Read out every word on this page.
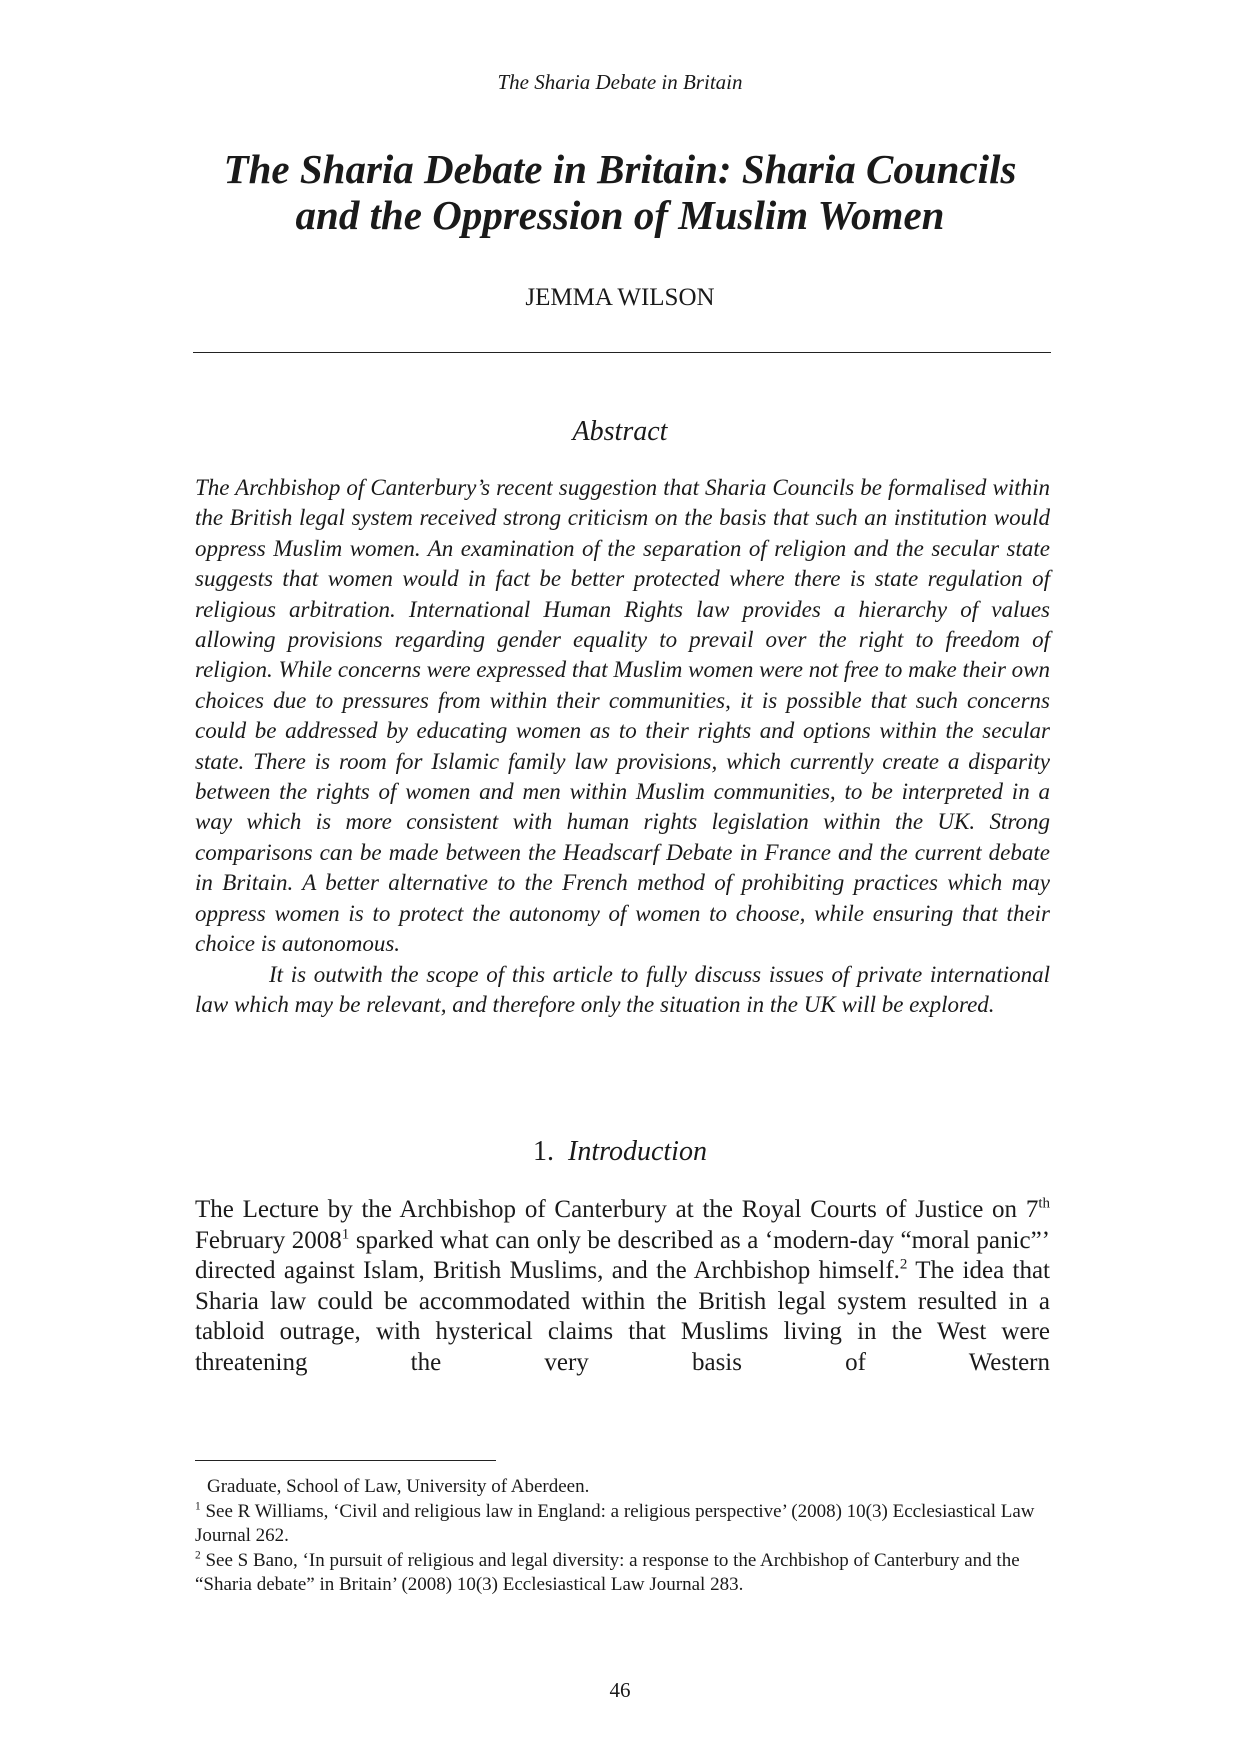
The Sharia Debate in Britain
The Sharia Debate in Britain: Sharia Councils
and the Oppression of Muslim Women
JEMMA WILSON
Abstract

The Archbishop of Canterbury’s recent suggestion that Sharia Councils be formalised within the British legal system received strong criticism on the basis that such an institution would oppress Muslim women. An examination of the separation of religion and the secular state suggests that women would in fact be better protected where there is state regulation of religious arbitration. International Human Rights law provides a hierarchy of values allowing provisions regarding gender equality to prevail over the right to freedom of religion. While concerns were expressed that Muslim women were not free to make their own choices due to pressures from within their communities, it is possible that such concerns could be addressed by educating women as to their rights and options within the secular state. There is room for Islamic family law provisions, which currently create a disparity between the rights of women and men within Muslim communities, to be interpreted in a way which is more consistent with human rights legislation within the UK. Strong comparisons can be made between the Headscarf Debate in France and the current debate in Britain. A better alternative to the French method of prohibiting practices which may oppress women is to protect the autonomy of women to choose, while ensuring that their choice is autonomous.

It is outwith the scope of this article to fully discuss issues of private international law which may be relevant, and therefore only the situation in the UK will be explored.

1. Introduction

The Lecture by the Archbishop of Canterbury at the Royal Courts of Justice on 7th February 2008$^1$ sparked what can only be described as a ‘modern-day “moral panic”’ directed against Islam, British Muslims, and the Archbishop himself.$^2$ The idea that Sharia law could be accommodated within the British legal system resulted in a tabloid outrage, with hysterical claims that Muslims living in the West were threatening the very basis of Western

Graduate, School of Law, University of Aberdeen.

$^1$ See R Williams, ‘Civil and religious law in England: a religious perspective’ (2008) 10(3) Ecclesiastical Law Journal 262.

$^2$ See S Bano, ‘In pursuit of religious and legal diversity: a response to the Archbishop of Canterbury and the “Sharia debate” in Britain’ (2008) 10(3) Ecclesiastical Law Journal 283.

46
